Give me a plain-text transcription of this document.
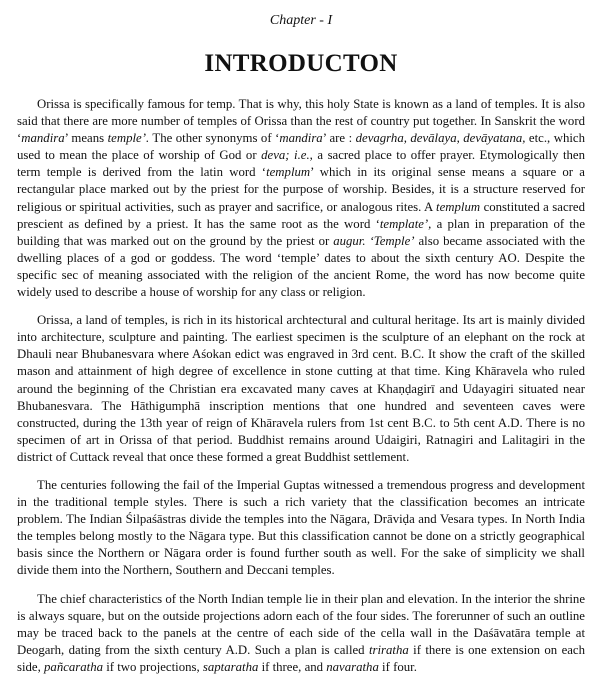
Chapter - I

INTRODUCTON

Orissa is specifically famous for temp. That is why, this holy State is known as a land of temples. It is also said that there are more number of temples of Orissa than the rest of country put together. In Sanskrit the word ‘mandira’ means temple’. The other synonyms of ‘mandira’ are : devagrha, devālaya, devāyatana, etc., which used to mean the place of worship of God or deva; i.e., a sacred place to offer prayer. Etymologically then term temple is derived from the latin word ‘templum’ which in its original sense means a square or a rectangular place marked out by the priest for the purpose of worship. Besides, it is a structure reserved for religious or spiritual activities, such as prayer and sacrifice, or analogous rites. A templum constituted a sacred prescient as defined by a priest. It has the same root as the word ‘template’, a plan in preparation of the building that was marked out on the ground by the priest or augur. ‘Temple’ also became associated with the dwelling places of a god or goddess. The word ‘temple’ dates to about the sixth century AO. Despite the specific sec of meaning associated with the religion of the ancient Rome, the word has now become quite widely used to describe a house of worship for any class or religion.

Orissa, a land of temples, is rich in its historical archtectural and cultural heritage. Its art is mainly divided into architecture, sculpture and painting. The earliest specimen is the sculpture of an elephant on the rock at Dhauli near Bhubanesvara where Aśokan edict was engraved in 3rd cent. B.C. It show the craft of the skilled mason and attainment of high degree of excellence in stone cutting at that time. King Khāravela who ruled around the beginning of the Christian era excavated many caves at Khaṇḍagirī and Udayagiri situated near Bhubanesvara. The Hāthigumphā inscription mentions that one hundred and seventeen caves were constructed, during the 13th year of reign of Khāravela rulers from 1st cent B.C. to 5th cent A.D. There is no specimen of art in Orissa of that period. Buddhist remains around Udaigiri, Ratnagiri and Lalitagiri in the district of Cuttack reveal that once these formed a great Buddhist settlement.

The centuries following the fail of the Imperial Guptas witnessed a tremendous progress and development in the traditional temple styles. There is such a rich variety that the classification becomes an intricate problem. The Indian Śilpaśāstras divide the temples into the Nāgara, Drāviḍa and Vesara types. In North India the temples belong mostly to the Nāgara type. But this classification cannot be done on a strictly geographical basis since the Northern or Nāgara order is found further south as well. For the sake of simplicity we shall divide them into the Northern, Southern and Deccani temples.

The chief characteristics of the North Indian temple lie in their plan and elevation. In the interior the shrine is always square, but on the outside projections adorn each of the four sides. The forerunner of such an outline may be traced back to the panels at the centre of each side of the cella wall in the Daśāvatāra temple at Deogarh, dating from the sixth century A.D. Such a plan is called triratha if there is one extension on each side, pañcaratha if two projections, saptaratha if three, and navaratha if four.
